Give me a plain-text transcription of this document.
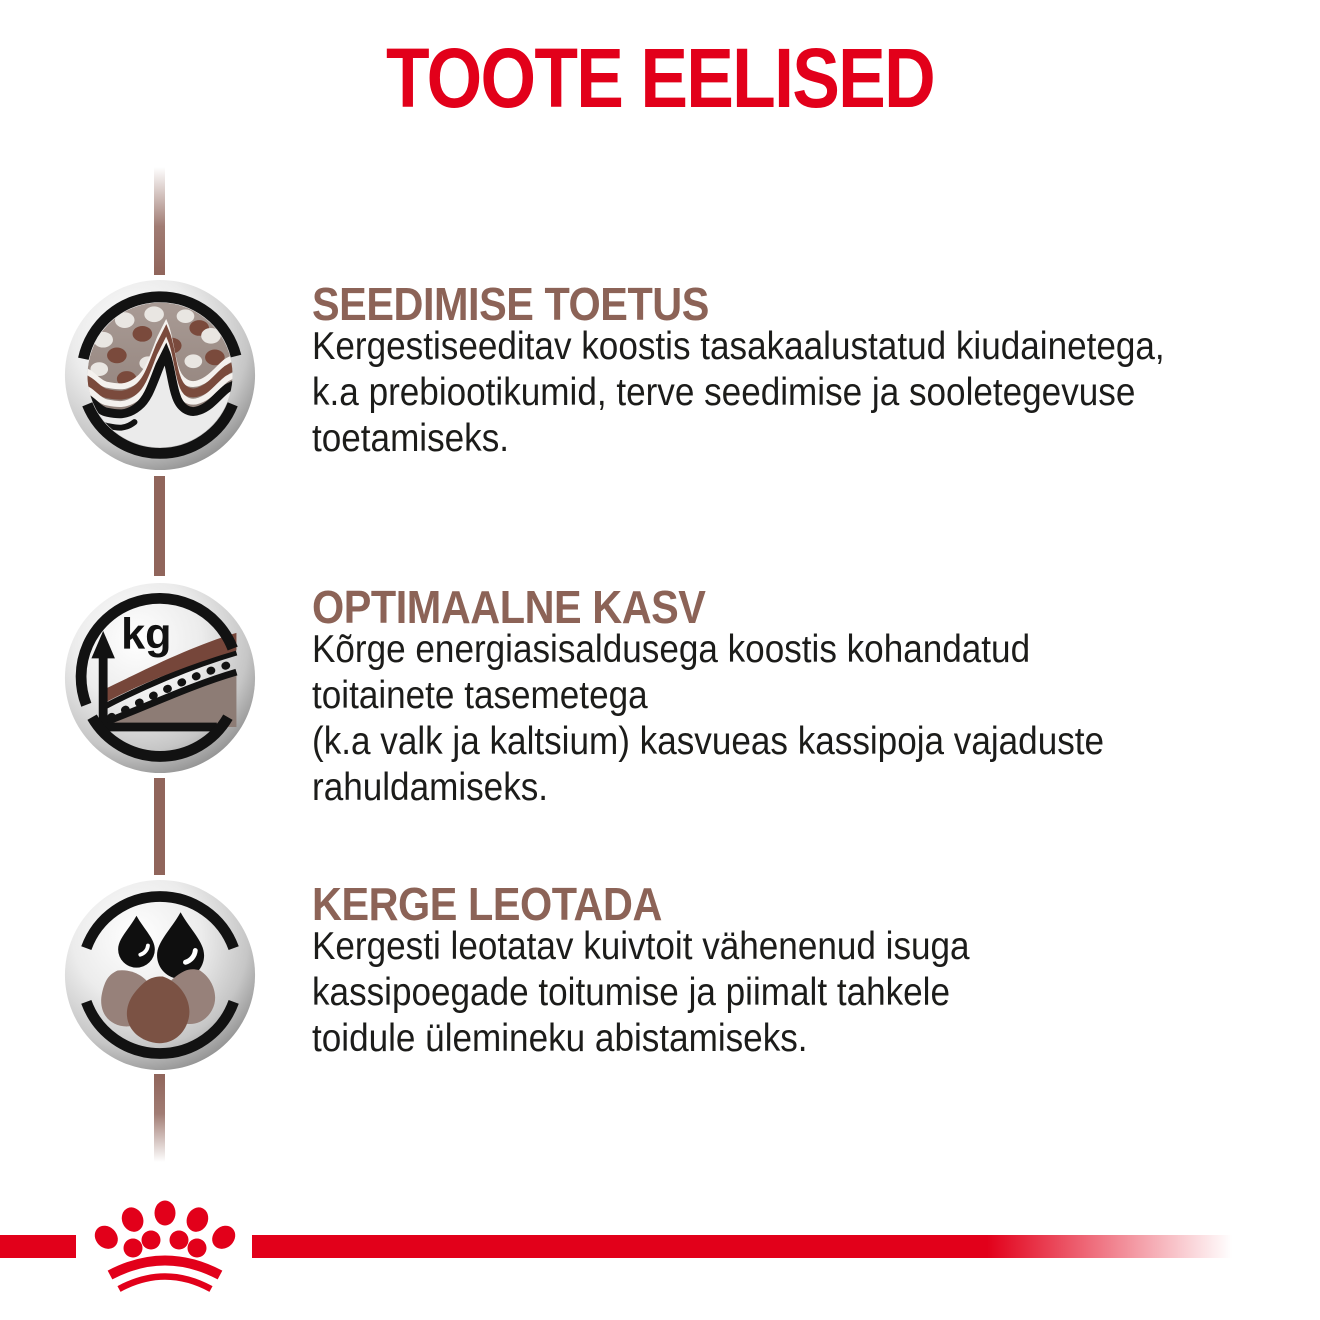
TOOTE EELISED
kg
SEEDIMISE TOETUS
Kergestiseeditav koostis tasakaalustatud kiudainetega,
k.a prebiootikumid, terve seedimise ja sooletegevuse
toetamiseks.
OPTIMAALNE KASV
Kõrge energiasisaldusega koostis kohandatud
toitainete tasemetega
(k.a valk ja kaltsium) kasvueas kassipoja vajaduste
rahuldamiseks.
KERGE LEOTADA
Kergesti leotatav kuivtoit vähenenud isuga
kassipoegade toitumise ja piimalt tahkele
toidule ülemineku abistamiseks.
